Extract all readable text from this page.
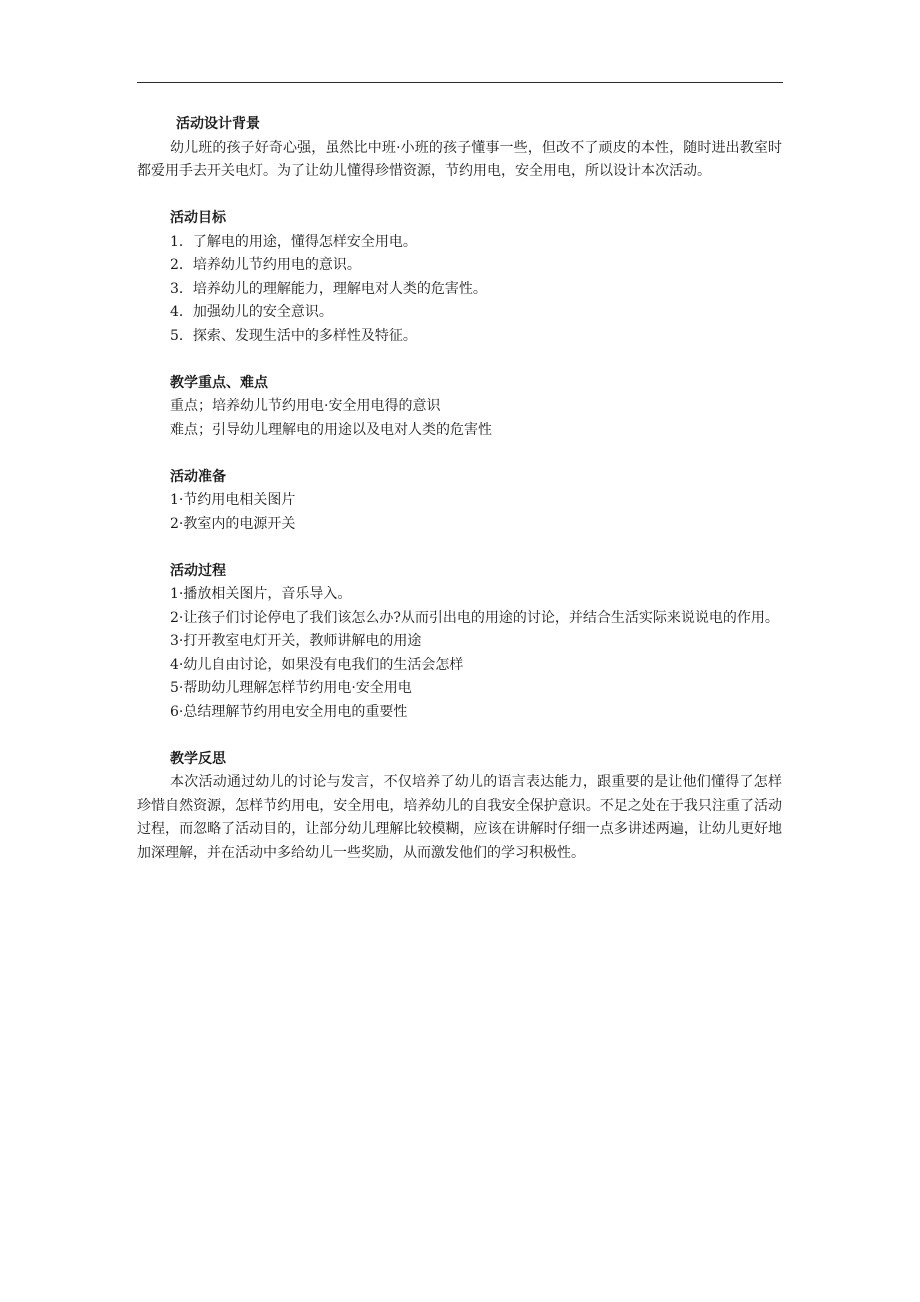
活动设计背景

幼儿班的孩子好奇心强，虽然比中班·小班的孩子懂事一些，但改不了顽皮的本性，随时进出教室时都爱用手去开关电灯。为了让幼儿懂得珍惜资源，节约用电，安全用电，所以设计本次活动。

活动目标

1．了解电的用途，懂得怎样安全用电。

2．培养幼儿节约用电的意识。

3．培养幼儿的理解能力，理解电对人类的危害性。

4．加强幼儿的安全意识。

5．探索、发现生活中的多样性及特征。

教学重点、难点

重点；培养幼儿节约用电·安全用电得的意识

难点；引导幼儿理解电的用途以及电对人类的危害性

活动准备

1·节约用电相关图片

2·教室内的电源开关

活动过程

1·播放相关图片，音乐导入。

2·让孩子们讨论停电了我们该怎么办?从而引出电的用途的讨论，并结合生活实际来说说电的作用。

3·打开教室电灯开关，教师讲解电的用途

4·幼儿自由讨论，如果没有电我们的生活会怎样

5·帮助幼儿理解怎样节约用电·安全用电

6·总结理解节约用电安全用电的重要性

教学反思

本次活动通过幼儿的讨论与发言，不仅培养了幼儿的语言表达能力，跟重要的是让他们懂得了怎样珍惜自然资源，怎样节约用电，安全用电，培养幼儿的自我安全保护意识。不足之处在于我只注重了活动过程，而忽略了活动目的，让部分幼儿理解比较模糊，应该在讲解时仔细一点多讲述两遍，让幼儿更好地加深理解，并在活动中多给幼儿一些奖励，从而激发他们的学习积极性。
